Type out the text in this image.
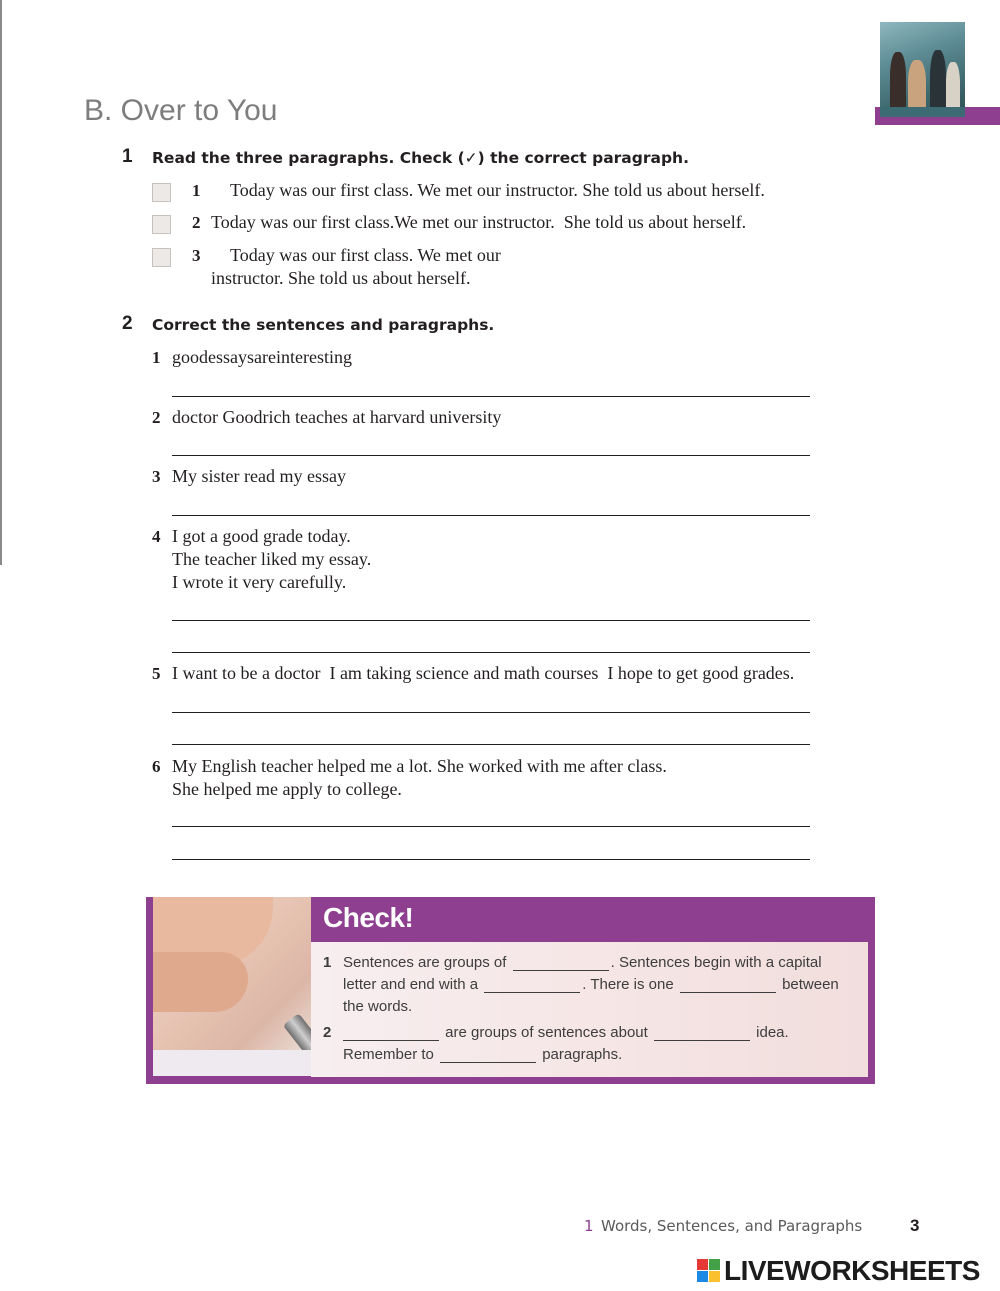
B. Over to You
1 Read the three paragraphs. Check (✓) the correct paragraph.
1 Today was our first class. We met our instructor. She told us about herself.
2 Today was our first class.We met our instructor.  She told us about herself.
3 Today was our first class. We met our
instructor. She told us about herself.
2 Correct the sentences and paragraphs.
1 goodessaysareinteresting
2 doctor Goodrich teaches at harvard university
3 My sister read my essay
4 I got a good grade today.
The teacher liked my essay.
I wrote it very carefully.
5 I want to be a doctor  I am taking science and math courses  I hope to get good grades.
6 My English teacher helped me a lot. She worked with me after class.
She helped me apply to college.
Check!
1 Sentences are groups of	. Sentences begin with a capital
letter and end with a	. There is one	between
the words.
2	are groups of sentences about	idea.
Remember to	paragraphs.
1 Words, Sentences, and Paragraphs	3
LIVEWORKSHEETS
